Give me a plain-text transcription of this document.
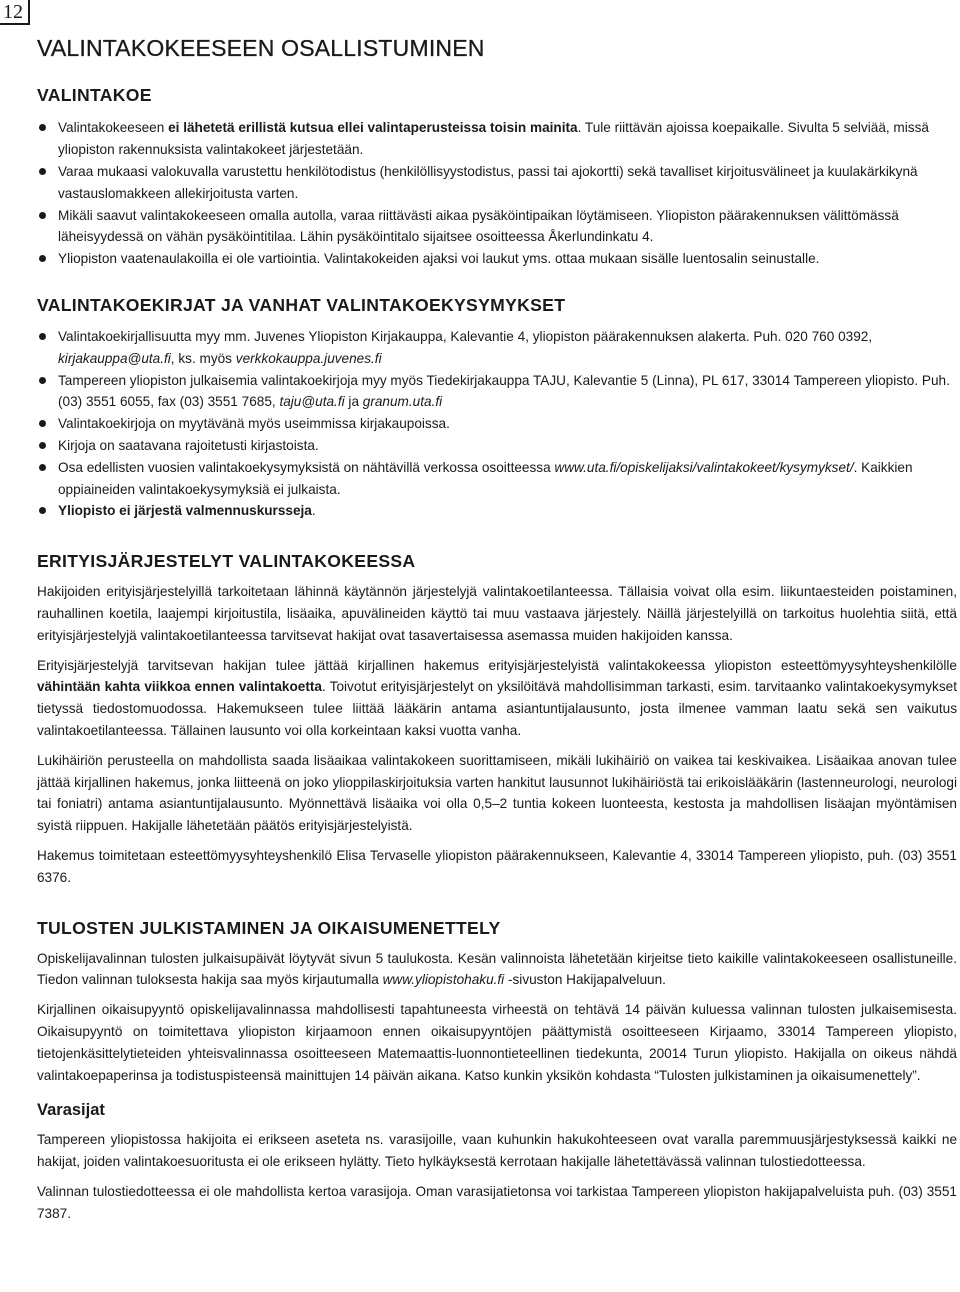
12
VALINTAKOKEESEEN OSALLISTUMINEN
VALINTAKOE
Valintakokeeseen ei lähetetä erillistä kutsua ellei valintaperusteissa toisin mainita. Tule riittävän ajoissa koepaikalle. Sivulta 5 selviää, missä yliopiston rakennuksista valintakokeet järjestetään.
Varaa mukaasi valokuvalla varustettu henkilötodistus (henkilöllisyystodistus, passi tai ajokortti) sekä tavalliset kirjoitusvälineet ja kuulakärkikynä vastauslomakkeen allekirjoitusta varten.
Mikäli saavut valintakokeeseen omalla autolla, varaa riittävästi aikaa pysäköintipaikan löytämiseen. Yliopiston päärakennuksen välittömässä läheisyydessä on vähän pysäköintitilaa. Lähin pysäköintitalo sijaitsee osoitteessa Åkerlundinkatu 4.
Yliopiston vaatenaulakoilla ei ole vartiointia. Valintakokeiden ajaksi voi laukut yms. ottaa mukaan sisälle luentosalin seinustalle.
VALINTAKOEKIRJAT JA VANHAT VALINTAKOEKYSYMYKSET
Valintakoekirjallisuutta myy mm. Juvenes Yliopiston Kirjakauppa, Kalevantie 4, yliopiston päärakennuksen alakerta. Puh. 020 760 0392, kirjakauppa@uta.fi, ks. myös verkkokauppa.juvenes.fi
Tampereen yliopiston julkaisemia valintakoekirjoja myy myös Tiedekirjakauppa TAJU, Kalevantie 5 (Linna), PL 617, 33014 Tampereen yliopisto. Puh. (03) 3551 6055, fax (03) 3551 7685, taju@uta.fi ja granum.uta.fi
Valintakoekirjoja on myytävänä myös useimmissa kirjakaupoissa.
Kirjoja on saatavana rajoitetusti kirjastoista.
Osa edellisten vuosien valintakoekysymyksistä on nähtävillä verkossa osoitteessa www.uta.fi/opiskelijaksi/valintakokeet/kysymykset/. Kaikkien oppiaineiden valintakoekysymyksiä ei julkaista.
Yliopisto ei järjestä valmennuskursseja.
ERITYISJÄRJESTELYT VALINTAKOKEESSA

Hakijoiden erityisjärjestelyillä tarkoitetaan lähinnä käytännön järjestelyjä valintakoetilanteessa. Tällaisia voivat olla esim. liikuntaesteiden poistaminen, rauhallinen koetila, laajempi kirjoitustila, lisäaika, apuvälineiden käyttö tai muu vastaava järjestely. Näillä järjestelyillä on tarkoitus huolehtia siitä, että erityisjärjestelyjä valintakoetilanteessa tarvitsevat hakijat ovat tasavertaisessa asemassa muiden hakijoiden kanssa.

Erityisjärjestelyjä tarvitsevan hakijan tulee jättää kirjallinen hakemus erityisjärjestelyistä valintakokeessa yliopiston esteettömyysyhteyshenkilölle vähintään kahta viikkoa ennen valintakoetta. Toivotut erityisjärjestelyt on yksilöitävä mahdollisimman tarkasti, esim. tarvitaanko valintakoekysymykset tietyssä tiedostomuodossa. Hakemukseen tulee liittää lääkärin antama asiantuntijalausunto, josta ilmenee vamman laatu sekä sen vaikutus valintakoetilanteessa. Tällainen lausunto voi olla korkeintaan kaksi vuotta vanha.

Lukihäiriön perusteella on mahdollista saada lisäaikaa valintakokeen suorittamiseen, mikäli lukihäiriö on vaikea tai keskivaikea. Lisäaikaa anovan tulee jättää kirjallinen hakemus, jonka liitteenä on joko ylioppilaskirjoituksia varten hankitut lausunnot lukihäiriöstä tai erikoislääkärin (lastenneurologi, neurologi tai foniatri) antama asiantuntijalausunto. Myönnettävä lisäaika voi olla 0,5–2 tuntia kokeen luonteesta, kestosta ja mahdollisen lisäajan myöntämisen syistä riippuen. Hakijalle lähetetään päätös erityisjärjestelyistä.

Hakemus toimitetaan esteettömyysyhteyshenkilö Elisa Tervaselle yliopiston päärakennukseen, Kalevantie 4, 33014 Tampereen yliopisto, puh. (03) 3551 6376.

TULOSTEN JULKISTAMINEN JA OIKAISUMENETTELY

Opiskelijavalinnan tulosten julkaisupäivät löytyvät sivun 5 taulukosta. Kesän valinnoista lähetetään kirjeitse tieto kaikille valintakokeeseen osallistuneille. Tiedon valinnan tuloksesta hakija saa myös kirjautumalla www.yliopistohaku.fi -sivuston Hakijapalveluun.

Kirjallinen oikaisupyyntö opiskelijavalinnassa mahdollisesti tapahtuneesta virheestä on tehtävä 14 päivän kuluessa valinnan tulosten julkaisemisesta. Oikaisupyyntö on toimitettava yliopiston kirjaamoon ennen oikaisupyyntöjen päättymistä osoitteeseen Kirjaamo, 33014 Tampereen yliopisto, tietojenkäsittelytieteiden yhteisvalinnassa osoitteeseen Matemaattis-luonnontieteellinen tiedekunta, 20014 Turun yliopisto. Hakijalla on oikeus nähdä valintakoepaperinsa ja todistuspisteensä mainittujen 14 päivän aikana. Katso kunkin yksikön kohdasta “Tulosten julkistaminen ja oikaisumenettely”.

Varasijat

Tampereen yliopistossa hakijoita ei erikseen aseteta ns. varasijoille, vaan kuhunkin hakukohteeseen ovat varalla paremmuusjärjestyksessä kaikki ne hakijat, joiden valintakoesuoritusta ei ole erikseen hylätty. Tieto hylkäyksestä kerrotaan hakijalle lähetettävässä valinnan tulostiedotteessa.

Valinnan tulostiedotteessa ei ole mahdollista kertoa varasijoja. Oman varasijatietonsa voi tarkistaa Tampereen yliopiston hakijapalveluista puh. (03) 3551 7387.
